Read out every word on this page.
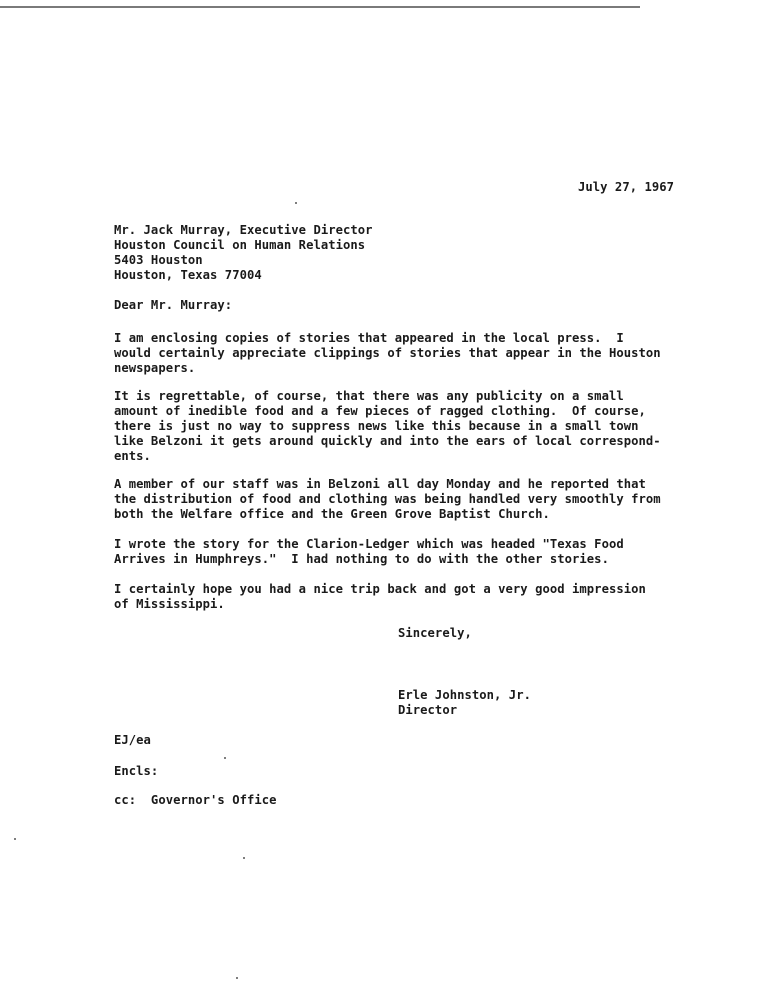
July 27, 1967
Mr. Jack Murray, Executive Director
Houston Council on Human Relations
5403 Houston
Houston, Texas 77004
Dear Mr. Murray:
I am enclosing copies of stories that appeared in the local press.  I
would certainly appreciate clippings of stories that appear in the Houston
newspapers.
It is regrettable, of course, that there was any publicity on a small
amount of inedible food and a few pieces of ragged clothing.  Of course,
there is just no way to suppress news like this because in a small town
like Belzoni it gets around quickly and into the ears of local correspond-
ents.
A member of our staff was in Belzoni all day Monday and he reported that
the distribution of food and clothing was being handled very smoothly from
both the Welfare office and the Green Grove Baptist Church.
I wrote the story for the Clarion-Ledger which was headed "Texas Food
Arrives in Humphreys."  I had nothing to do with the other stories.
I certainly hope you had a nice trip back and got a very good impression
of Mississippi.
Sincerely,
Erle Johnston, Jr.
Director
EJ/ea
Encls:
cc:  Governor's Office
